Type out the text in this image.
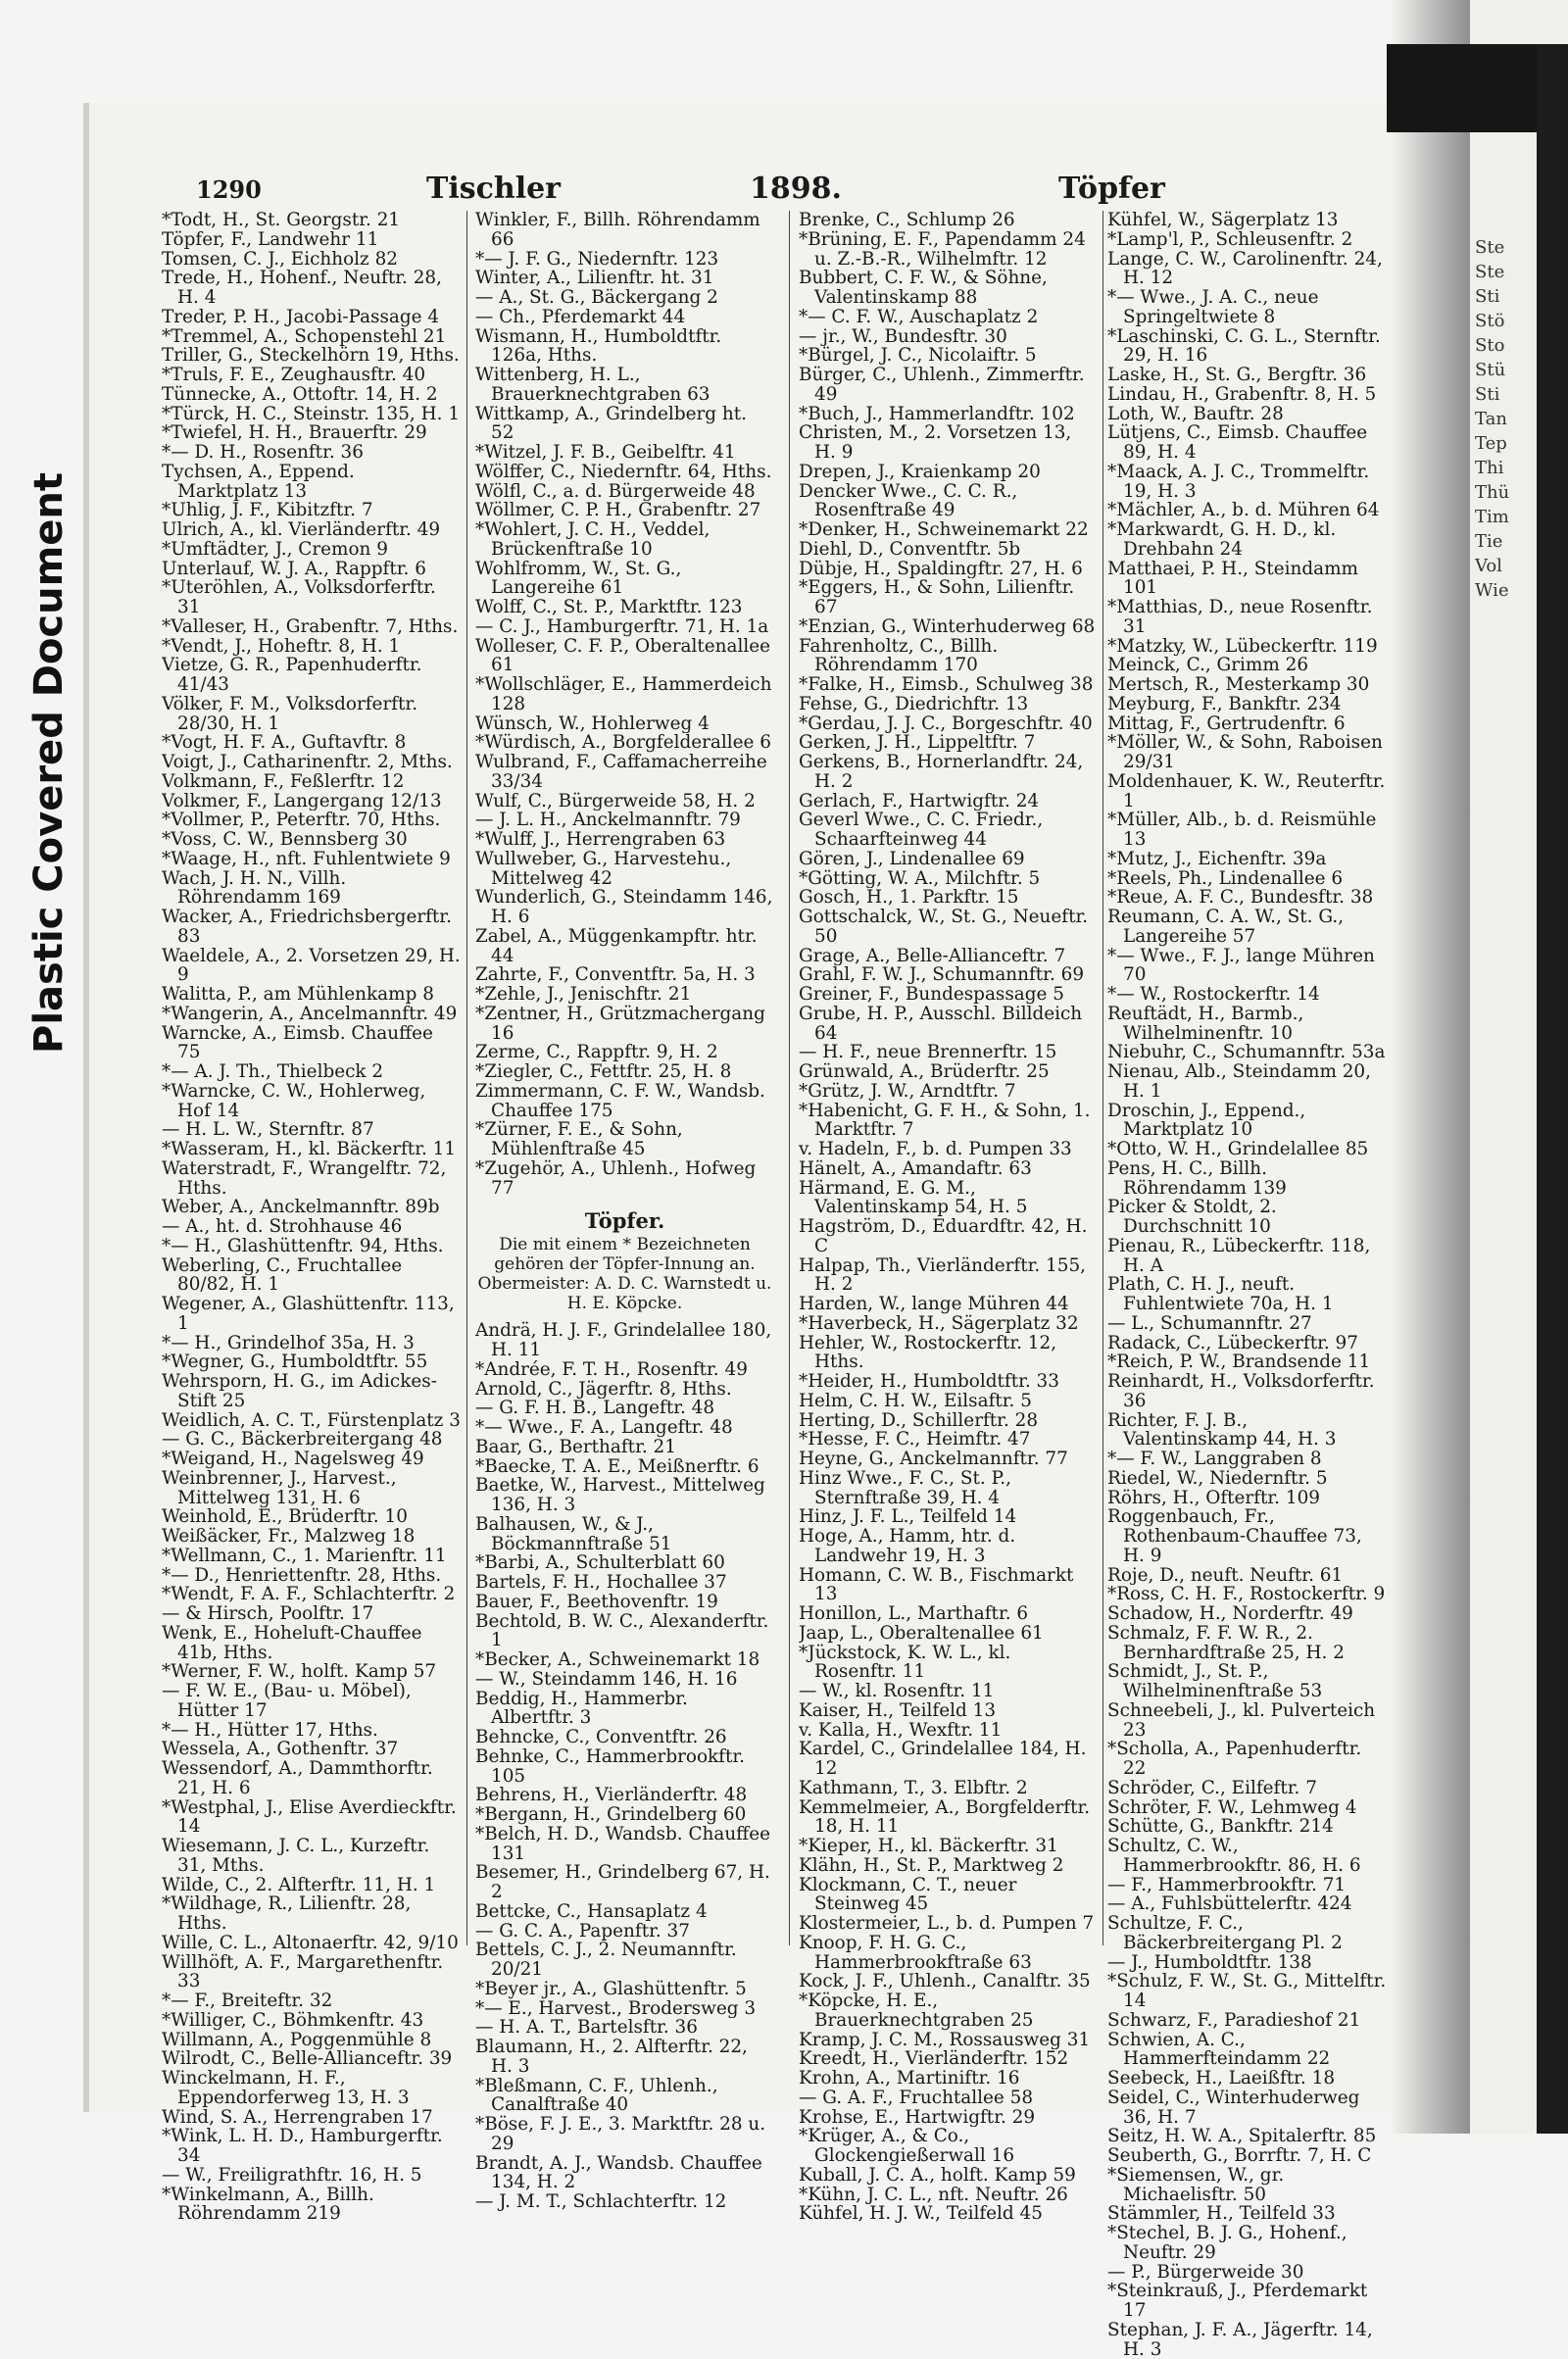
Plastic Covered Document
1290	Tischler	1898.	Töpfer
*Todt, H., St. Georgstr. 21
Töpfer, F., Landwehr 11
Tomsen, C. J., Eichholz 82
Trede, H., Hohenf., Neuftr. 28, H. 4
Treder, P. H., Jacobi-Passage 4
*Tremmel, A., Schopenstehl 21
Triller, G., Steckelhörn 19, Hths.
*Truls, F. E., Zeughausftr. 40
Tünnecke, A., Ottoftr. 14, H. 2
*Türck, H. C., Steinstr. 135, H. 1
*Twiefel, H. H., Brauerftr. 29
*— D. H., Rosenftr. 36
Tychsen, A., Eppend. Marktplatz 13
*Uhlig, J. F., Kibitzftr. 7
Ulrich, A., kl. Vierländerftr. 49
*Umftädter, J., Cremon 9
Unterlauf, W. J. A., Rappftr. 6
*Uteröhlen, A., Volksdorferftr. 31
*Valleser, H., Grabenftr. 7, Hths.
*Vendt, J., Hoheftr. 8, H. 1
Vietze, G. R., Papenhuderftr. 41/43
Völker, F. M., Volksdorferftr. 28/30, H. 1
*Vogt, H. F. A., Guftavftr. 8
Voigt, J., Catharinenftr. 2, Mths.
Volkmann, F., Feßlerftr. 12
Volkmer, F., Langergang 12/13
*Vollmer, P., Peterftr. 70, Hths.
*Voss, C. W., Bennsberg 30
*Waage, H., nft. Fuhlentwiete 9
Wach, J. H. N., Villh. Röhrendamm 169
Wacker, A., Friedrichsbergerftr. 83
Waeldele, A., 2. Vorsetzen 29, H. 9
Walitta, P., am Mühlenkamp 8
*Wangerin, A., Ancelmannftr. 49
Warncke, A., Eimsb. Chauffee 75
*— A. J. Th., Thielbeck 2
*Warncke, C. W., Hohlerweg, Hof 14
— H. L. W., Sternftr. 87
*Wasseram, H., kl. Bäckerftr. 11
Waterstradt, F., Wrangelftr. 72, Hths.
Weber, A., Anckelmannftr. 89b
— A., ht. d. Strohhause 46
*— H., Glashüttenftr. 94, Hths.
Weberling, C., Fruchtallee 80/82, H. 1
Wegener, A., Glashüttenftr. 113, 1
*— H., Grindelhof 35a, H. 3
*Wegner, G., Humboldtftr. 55
Wehrsporn, H. G., im Adickes-Stift 25
Weidlich, A. C. T., Fürstenplatz 3
— G. C., Bäckerbreitergang 48
*Weigand, H., Nagelsweg 49
Weinbrenner, J., Harvest., Mittelweg 131, H. 6
Weinhold, E., Brüderftr. 10
Weißäcker, Fr., Malzweg 18
*Wellmann, C., 1. Marienftr. 11
*— D., Henriettenftr. 28, Hths.
*Wendt, F. A. F., Schlachterftr. 2
— & Hirsch, Poolftr. 17
Wenk, E., Hoheluft-Chauffee 41b, Hths.
*Werner, F. W., holft. Kamp 57
— F. W. E., (Bau- u. Möbel), Hütter 17
*— H., Hütter 17, Hths.
Wessela, A., Gothenftr. 37
Wessendorf, A., Dammthorftr. 21, H. 6
*Westphal, J., Elise Averdieckftr. 14
Wiesemann, J. C. L., Kurzeftr. 31, Mths.
Wilde, C., 2. Alfterftr. 11, H. 1
*Wildhage, R., Lilienftr. 28, Hths.
Wille, C. L., Altonaerftr. 42, 9/10
Willhöft, A. F., Margarethenftr. 33
*— F., Breiteftr. 32
*Williger, C., Böhmkenftr. 43
Willmann, A., Poggenmühle 8
Wilrodt, C., Belle-Allianceftr. 39
Winckelmann, H. F., Eppendorferweg 13, H. 3
Wind, S. A., Herrengraben 17
*Wink, L. H. D., Hamburgerftr. 34
— W., Freiligrathftr. 16, H. 5
*Winkelmann, A., Billh. Röhrendamm 219
Winkler, F., Billh. Röhrendamm 66
*— J. F. G., Niedernftr. 123
Winter, A., Lilienftr. ht. 31
— A., St. G., Bäckergang 2
— Ch., Pferdemarkt 44
Wismann, H., Humboldtftr. 126a, Hths.
Wittenberg, H. L., Brauerknechtgraben 63
Wittkamp, A., Grindelberg ht. 52
*Witzel, J. F. B., Geibelftr. 41
Wölffer, C., Niedernftr. 64, Hths.
Wölfl, C., a. d. Bürgerweide 48
Wöllmer, C. P. H., Grabenftr. 27
*Wohlert, J. C. H., Veddel, Brückenftraße 10
Wohlfromm, W., St. G., Langereihe 61
Wolff, C., St. P., Marktftr. 123
— C. J., Hamburgerftr. 71, H. 1a
Wolleser, C. F. P., Oberaltenallee 61
*Wollschläger, E., Hammerdeich 128
Wünsch, W., Hohlerweg 4
*Würdisch, A., Borgfelderallee 6
Wulbrand, F., Caffamacherreihe 33/34
Wulf, C., Bürgerweide 58, H. 2
— J. L. H., Anckelmannftr. 79
*Wulff, J., Herrengraben 63
Wullweber, G., Harvestehu., Mittelweg 42
Wunderlich, G., Steindamm 146, H. 6
Zabel, A., Müggenkampftr. htr. 44
Zahrte, F., Conventftr. 5a, H. 3
*Zehle, J., Jenischftr. 21
*Zentner, H., Grützmachergang 16
Zerme, C., Rappftr. 9, H. 2
*Ziegler, C., Fettftr. 25, H. 8
Zimmermann, C. F. W., Wandsb. Chauffee 175
*Zürner, F. E., & Sohn, Mühlenftraße 45
*Zugehör, A., Uhlenh., Hofweg 77
Töpfer.
Die mit einem * Bezeichneten gehören der Töpfer-Innung an. Obermeister: A. D. C. Warnstedt u. H. E. Köpcke.
Andrä, H. J. F., Grindelallee 180, H. 11
*Andrée, F. T. H., Rosenftr. 49
Arnold, C., Jägerftr. 8, Hths.
— G. F. H. B., Langeftr. 48
*— Wwe., F. A., Langeftr. 48
Baar, G., Berthaftr. 21
*Baecke, T. A. E., Meißnerftr. 6
Baetke, W., Harvest., Mittelweg 136, H. 3
Balhausen, W., & J., Böckmannftraße 51
*Barbi, A., Schulterblatt 60
Bartels, F. H., Hochallee 37
Bauer, F., Beethovenftr. 19
Bechtold, B. W. C., Alexanderftr. 1
*Becker, A., Schweinemarkt 18
— W., Steindamm 146, H. 16
Beddig, H., Hammerbr. Albertftr. 3
Behncke, C., Conventftr. 26
Behnke, C., Hammerbrookftr. 105
Behrens, H., Vierländerftr. 48
*Bergann, H., Grindelberg 60
*Belch, H. D., Wandsb. Chauffee 131
Besemer, H., Grindelberg 67, H. 2
Bettcke, C., Hansaplatz 4
— G. C. A., Papenftr. 37
Bettels, C. J., 2. Neumannftr. 20/21
*Beyer jr., A., Glashüttenftr. 5
*— E., Harvest., Brodersweg 3
— H. A. T., Bartelsftr. 36
Blaumann, H., 2. Alfterftr. 22, H. 3
*Bleßmann, C. F., Uhlenh., Canalftraße 40
*Böse, F. J. E., 3. Marktftr. 28 u. 29
Brandt, A. J., Wandsb. Chauffee 134, H. 2
— J. M. T., Schlachterftr. 12
Brenke, C., Schlump 26
*Brüning, E. F., Papendamm 24 u. Z.-B.-R., Wilhelmftr. 12
Bubbert, C. F. W., & Söhne, Valentinskamp 88
*— C. F. W., Auschaplatz 2
— jr., W., Bundesftr. 30
*Bürgel, J. C., Nicolaiftr. 5
Bürger, C., Uhlenh., Zimmerftr. 49
*Buch, J., Hammerlandftr. 102
Christen, M., 2. Vorsetzen 13, H. 9
Drepen, J., Kraienkamp 20
Dencker Wwe., C. C. R., Rosenftraße 49
*Denker, H., Schweinemarkt 22
Diehl, D., Conventftr. 5b
Dübje, H., Spaldingftr. 27, H. 6
*Eggers, H., & Sohn, Lilienftr. 67
*Enzian, G., Winterhuderweg 68
Fahrenholtz, C., Billh. Röhrendamm 170
*Falke, H., Eimsb., Schulweg 38
Fehse, G., Diedrichftr. 13
*Gerdau, J. J. C., Borgeschftr. 40
Gerken, J. H., Lippeltftr. 7
Gerkens, B., Hornerlandftr. 24, H. 2
Gerlach, F., Hartwigftr. 24
Geverl Wwe., C. C. Friedr., Schaarfteinweg 44
Gören, J., Lindenallee 69
*Götting, W. A., Milchftr. 5
Gosch, H., 1. Parkftr. 15
Gottschalck, W., St. G., Neueftr. 50
Grage, A., Belle-Allianceftr. 7
Grahl, F. W. J., Schumannftr. 69
Greiner, F., Bundespassage 5
Grube, H. P., Ausschl. Billdeich 64
— H. F., neue Brennerftr. 15
Grünwald, A., Brüderftr. 25
*Grütz, J. W., Arndtftr. 7
*Habenicht, G. F. H., & Sohn, 1. Marktftr. 7
v. Hadeln, F., b. d. Pumpen 33
Hänelt, A., Amandaftr. 63
Härmand, E. G. M., Valentinskamp 54, H. 5
Hagström, D., Eduardftr. 42, H. C
Halpap, Th., Vierländerftr. 155, H. 2
Harden, W., lange Mühren 44
*Haverbeck, H., Sägerplatz 32
Hehler, W., Rostockerftr. 12, Hths.
*Heider, H., Humboldtftr. 33
Helm, C. H. W., Eilsaftr. 5
Herting, D., Schillerftr. 28
*Hesse, F. C., Heimftr. 47
Heyne, G., Anckelmannftr. 77
Hinz Wwe., F. C., St. P., Sternftraße 39, H. 4
Hinz, J. F. L., Teilfeld 14
Hoge, A., Hamm, htr. d. Landwehr 19, H. 3
Homann, C. W. B., Fischmarkt 13
Honillon, L., Marthaftr. 6
Jaap, L., Oberaltenallee 61
*Jückstock, K. W. L., kl. Rosenftr. 11
— W., kl. Rosenftr. 11
Kaiser, H., Teilfeld 13
v. Kalla, H., Wexftr. 11
Kardel, C., Grindelallee 184, H. 12
Kathmann, T., 3. Elbftr. 2
Kemmelmeier, A., Borgfelderftr. 18, H. 11
*Kieper, H., kl. Bäckerftr. 31
Klähn, H., St. P., Marktweg 2
Klockmann, C. T., neuer Steinweg 45
Klostermeier, L., b. d. Pumpen 7
Knoop, F. H. G. C., Hammerbrookftraße 63
Kock, J. F., Uhlenh., Canalftr. 35
*Köpcke, H. E., Brauerknechtgraben 25
Kramp, J. C. M., Rossausweg 31
Kreedt, H., Vierländerftr. 152
Krohn, A., Martiniftr. 16
— G. A. F., Fruchtallee 58
Krohse, E., Hartwigftr. 29
*Krüger, A., & Co., Glockengießerwall 16
Kuball, J. C. A., holft. Kamp 59
*Kühn, J. C. L., nft. Neuftr. 26
Kühfel, H. J. W., Teilfeld 45
Kühfel, W., Sägerplatz 13
*Lamp'l, P., Schleusenftr. 2
Lange, C. W., Carolinenftr. 24, H. 12
*— Wwe., J. A. C., neue Springeltwiete 8
*Laschinski, C. G. L., Sternftr. 29, H. 16
Laske, H., St. G., Bergftr. 36
Lindau, H., Grabenftr. 8, H. 5
Loth, W., Bauftr. 28
Lütjens, C., Eimsb. Chauffee 89, H. 4
*Maack, A. J. C., Trommelftr. 19, H. 3
*Mächler, A., b. d. Mühren 64
*Markwardt, G. H. D., kl. Drehbahn 24
Matthaei, P. H., Steindamm 101
*Matthias, D., neue Rosenftr. 31
*Matzky, W., Lübeckerftr. 119
Meinck, C., Grimm 26
Mertsch, R., Mesterkamp 30
Meyburg, F., Bankftr. 234
Mittag, F., Gertrudenftr. 6
*Möller, W., & Sohn, Raboisen 29/31
Moldenhauer, K. W., Reuterftr. 1
*Müller, Alb., b. d. Reismühle 13
*Mutz, J., Eichenftr. 39a
*Reels, Ph., Lindenallee 6
*Reue, A. F. C., Bundesftr. 38
Reumann, C. A. W., St. G., Langereihe 57
*— Wwe., F. J., lange Mühren 70
*— W., Rostockerftr. 14
Reuftädt, H., Barmb., Wilhelminenftr. 10
Niebuhr, C., Schumannftr. 53a
Nienau, Alb., Steindamm 20, H. 1
Droschin, J., Eppend., Marktplatz 10
*Otto, W. H., Grindelallee 85
Pens, H. C., Billh. Röhrendamm 139
Picker & Stoldt, 2. Durchschnitt 10
Pienau, R., Lübeckerftr. 118, H. A
Plath, C. H. J., neuft. Fuhlentwiete 70a, H. 1
— L., Schumannftr. 27
Radack, C., Lübeckerftr. 97
*Reich, P. W., Brandsende 11
Reinhardt, H., Volksdorferftr. 36
Richter, F. J. B., Valentinskamp 44, H. 3
*— F. W., Langgraben 8
Riedel, W., Niedernftr. 5
Röhrs, H., Ofterftr. 109
Roggenbauch, Fr., Rothenbaum-Chauffee 73, H. 9
Roje, D., neuft. Neuftr. 61
*Ross, C. H. F., Rostockerftr. 9
Schadow, H., Norderftr. 49
Schmalz, F. F. W. R., 2. Bernhardftraße 25, H. 2
Schmidt, J., St. P., Wilhelminenftraße 53
Schneebeli, J., kl. Pulverteich 23
*Scholla, A., Papenhuderftr. 22
Schröder, C., Eilfeftr. 7
Schröter, F. W., Lehmweg 4
Schütte, G., Bankftr. 214
Schultz, C. W., Hammerbrookftr. 86, H. 6
— F., Hammerbrookftr. 71
— A., Fuhlsbüttelerftr. 424
Schultze, F. C., Bäckerbreitergang Pl. 2
— J., Humboldtftr. 138
*Schulz, F. W., St. G., Mittelftr. 14
Schwarz, F., Paradieshof 21
Schwien, A. C., Hammerfteindamm 22
Seebeck, H., Laeißftr. 18
Seidel, C., Winterhuderweg 36, H. 7
Seitz, H. W. A., Spitalerftr. 85
Seuberth, G., Borrftr. 7, H. C
*Siemensen, W., gr. Michaelisftr. 50
Stämmler, H., Teilfeld 33
*Stechel, B. J. G., Hohenf., Neuftr. 29
— P., Bürgerweide 30
*Steinkrauß, J., Pferdemarkt 17
Stephan, J. F. A., Jägerftr. 14, H. 3
Ste
Ste
Sti
Stö
Sto
Stü
Sti
Tan
Tep
Thi
Thü
Tim
Tie
Vol
Wie
